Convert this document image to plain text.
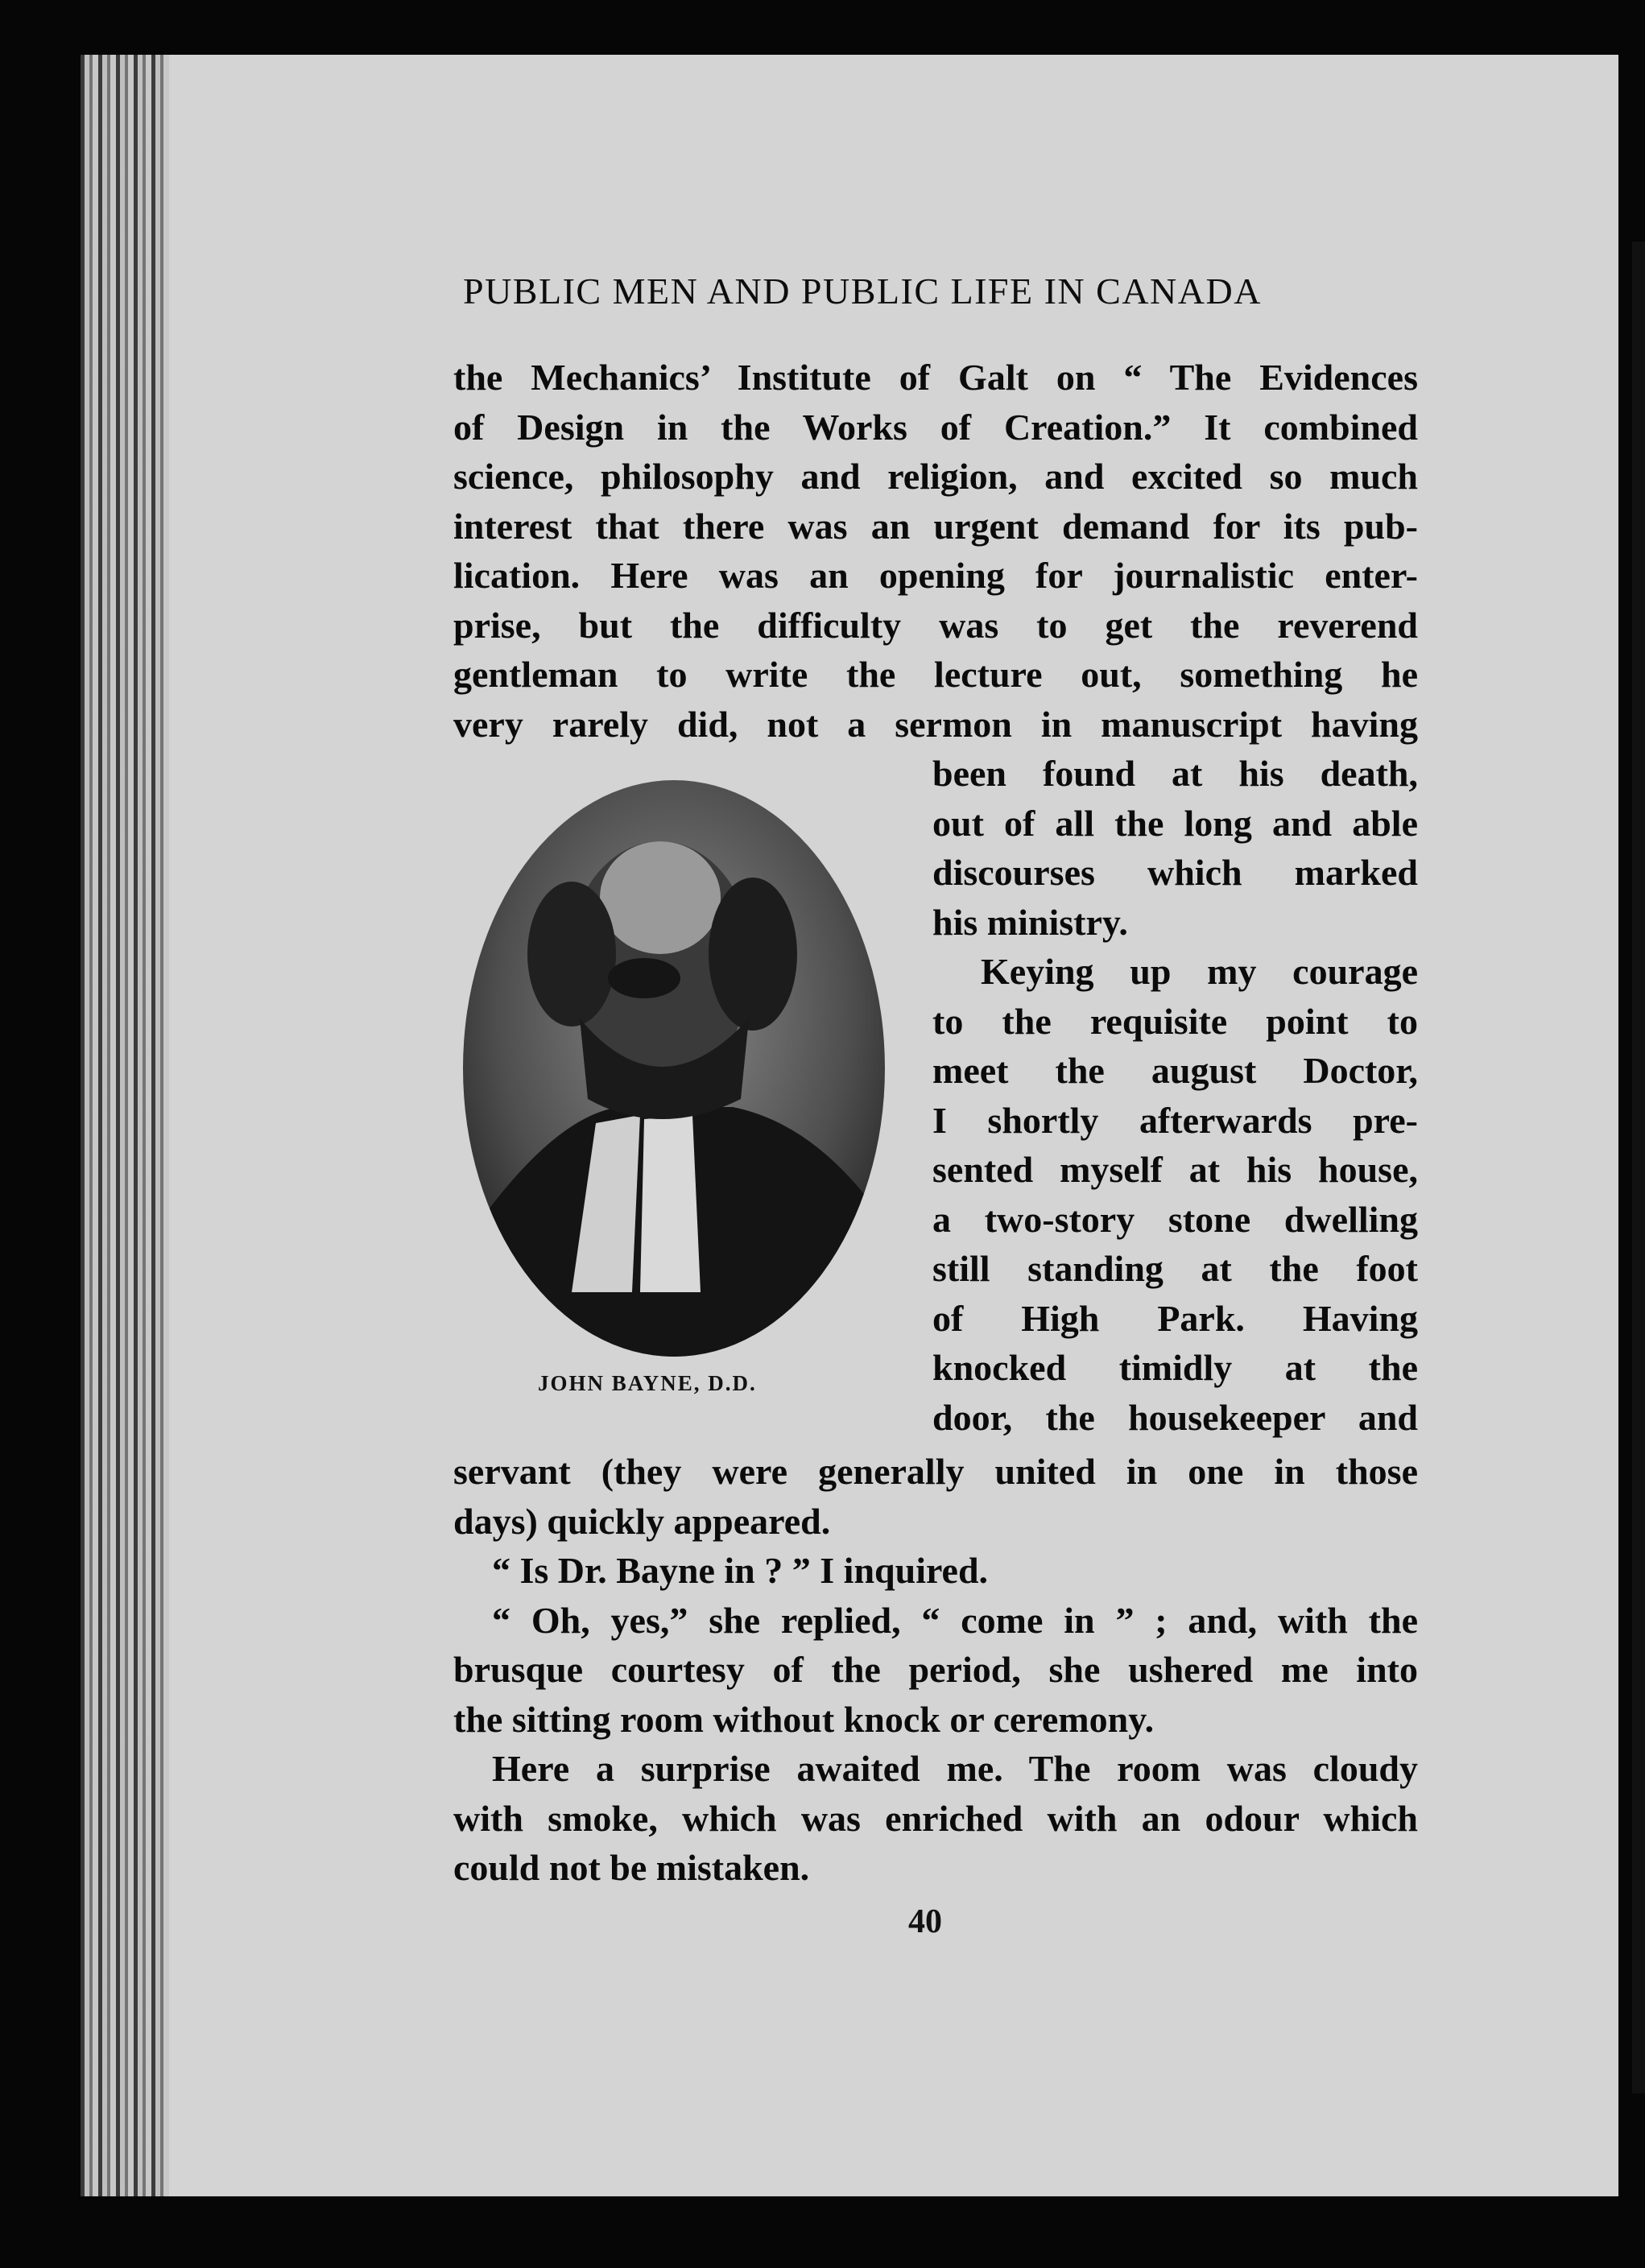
PUBLIC MEN AND PUBLIC LIFE IN CANADA
the Mechanics’ Institute of Galt on “ The Evidences
of Design in the Works of Creation.” It combined
science, philosophy and religion, and excited so much
interest that there was an urgent demand for its pub-
lication. Here was an opening for journalistic enter-
prise, but the difficulty was to get the reverend
gentleman to write the lecture out, something he
very rarely did, not a sermon in manuscript having
JOHN BAYNE, D.D.
been found at his death,
out of all the long and able
discourses which marked
his ministry.
Keying up my courage
to the requisite point to
meet the august Doctor,
I shortly afterwards pre-
sented myself at his house,
a two-story stone dwelling
still standing at the foot
of High Park. Having
knocked timidly at the
door, the housekeeper and
servant (they were generally united in one in those
days) quickly appeared.
“ Is Dr. Bayne in ? ” I inquired.
“ Oh, yes,” she replied, “ come in ” ; and, with the
brusque courtesy of the period, she ushered me into
the sitting room without knock or ceremony.
Here a surprise awaited me. The room was cloudy
with smoke, which was enriched with an odour which
could not be mistaken.
40
